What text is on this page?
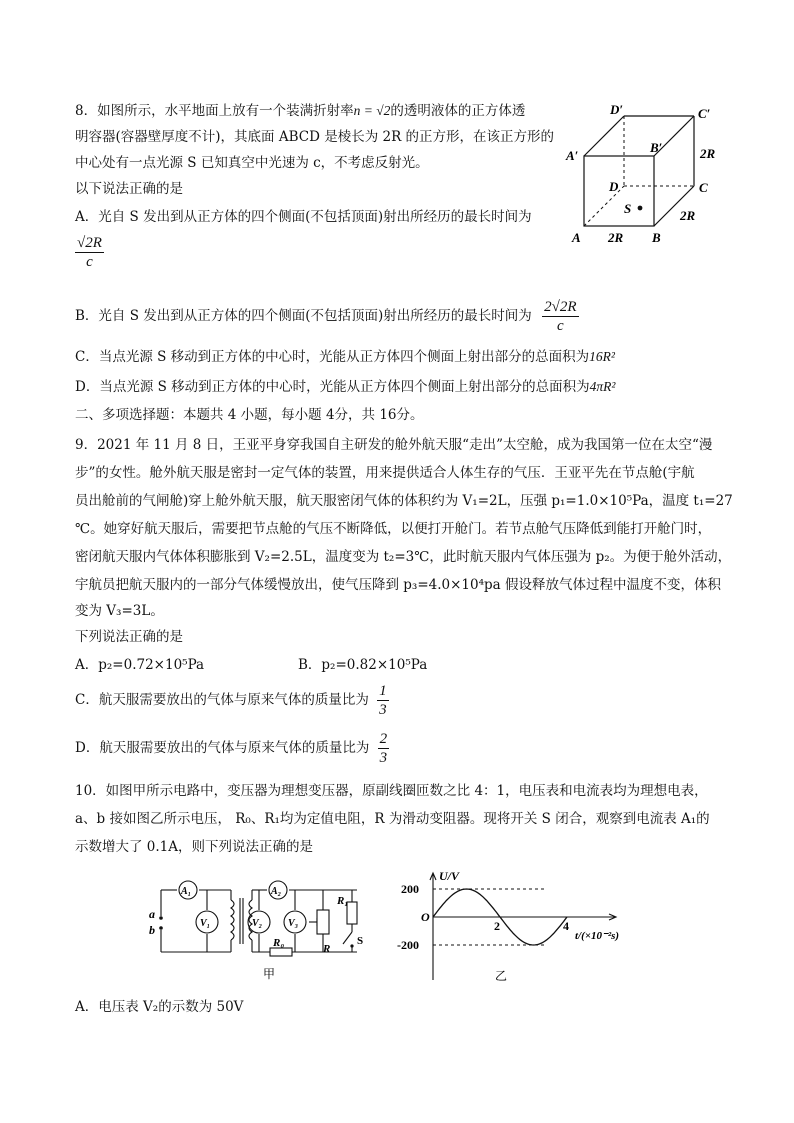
8．如图所示，水平地面上放有一个装满折射率n = √2的透明液体的正方体透
明容器(容器壁厚度不计)，其底面 ABCD 是棱长为 2R 的正方形，在该正方形的
中心处有一点光源 S 已知真空中光速为 c，不考虑反射光。
以下说法正确的是
A．光自 S 发出到从正方体的四个侧面(不包括顶面)射出所经历的最长时间为
$\frac{√2R}{c}$
B．光自 S 发出到从正方体的四个侧面(不包括顶面)射出所经历的最长时间为 $\frac{2√2R}{c}$
C．当点光源 S 移动到正方体的中心时，光能从正方体四个侧面上射出部分的总面积为16R²
D．当点光源 S 移动到正方体的中心时，光能从正方体四个侧面上射出部分的总面积为4πR²
D′	C′
A′
B′	2R
D	C
S	2R
A 2R B
二、多项选择题：本题共 4 小题，每小题 4分，共 16分。
9．2021 年 11 月 8 日，王亚平身穿我国自主研发的舱外航天服“走出”太空舱，成为我国第一位在太空“漫
步”的女性。舱外航天服是密封一定气体的装置，用来提供适合人体生存的气压．王亚平先在节点舱(宇航
员出舱前的气闸舱)穿上舱外航天服，航天服密闭气体的体积约为 V₁=2L，压强 p₁=1.0×10⁵Pa，温度 t₁=27
℃。她穿好航天服后，需要把节点舱的气压不断降低，以便打开舱门。若节点舱气压降低到能打开舱门时，
密闭航天服内气体体积膨胀到 V₂=2.5L，温度变为 t₂=3℃，此时航天服内气体压强为 p₂。为便于舱外活动，
宇航员把航天服内的一部分气体缓慢放出，使气压降到 p₃=4.0×10⁴pa 假设释放气体过程中温度不变，体积
变为 V₃=3L。
下列说法正确的是
A．p₂=0.72×10⁵Pa	B．p₂=0.82×10⁵Pa
C．航天服需要放出的气体与原来气体的质量比为 $\frac{1}{3}$
D．航天服需要放出的气体与原来气体的质量比为 $\frac{2}{3}$
10．如图甲所示电路中，变压器为理想变压器，原副线圈匝数之比 4：1，电压表和电流表均为理想电表，
a、b 接如图乙所示电压， R₀、R₁均为定值电阻，R 为滑动变阻器。现将开关 S 闭合，观察到电流表 A₁的
示数增大了 0.1A，则下列说法正确的是
a
b
A₁
V₁
A₂
V₂	V₃
R₀
R₁
R
S
甲
U/V
200
O
-200
2	4
t/(×10⁻²s)
乙
A．电压表 V₂的示数为 50V
